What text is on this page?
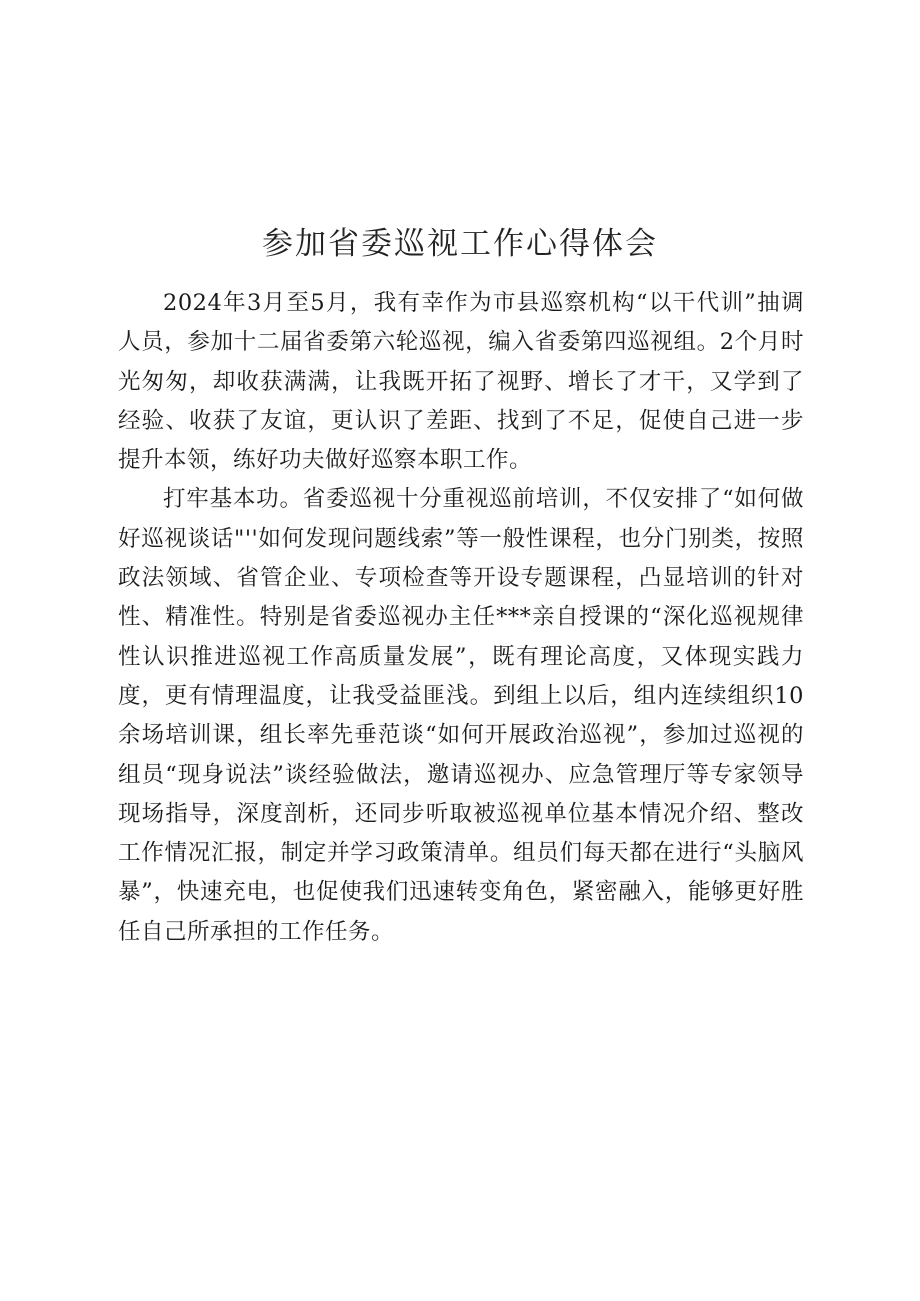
参加省委巡视工作心得体会

2024年3月至5月，我有幸作为市县巡察机构“以干代训”抽调人员，参加十二届省委第六轮巡视，编入省委第四巡视组。2个月时光匆匆，却收获满满，让我既开拓了视野、增长了才干，又学到了经验、收获了友谊，更认识了差距、找到了不足，促使自己进一步提升本领，练好功夫做好巡察本职工作。

打牢基本功。省委巡视十分重视巡前培训，不仅安排了“如何做好巡视谈话"''如何发现问题线索”等一般性课程，也分门别类，按照政法领域、省管企业、专项检查等开设专题课程，凸显培训的针对性、精准性。特别是省委巡视办主任***亲自授课的“深化巡视规律性认识推进巡视工作高质量发展”，既有理论高度，又体现实践力度，更有情理温度，让我受益匪浅。到组上以后，组内连续组织10余场培训课，组长率先垂范谈“如何开展政治巡视”，参加过巡视的组员“现身说法”谈经验做法，邀请巡视办、应急管理厅等专家领导现场指导，深度剖析，还同步听取被巡视单位基本情况介绍、整改工作情况汇报，制定并学习政策清单。组员们每天都在进行“头脑风暴”，快速充电，也促使我们迅速转变角色，紧密融入，能够更好胜任自己所承担的工作任务。
